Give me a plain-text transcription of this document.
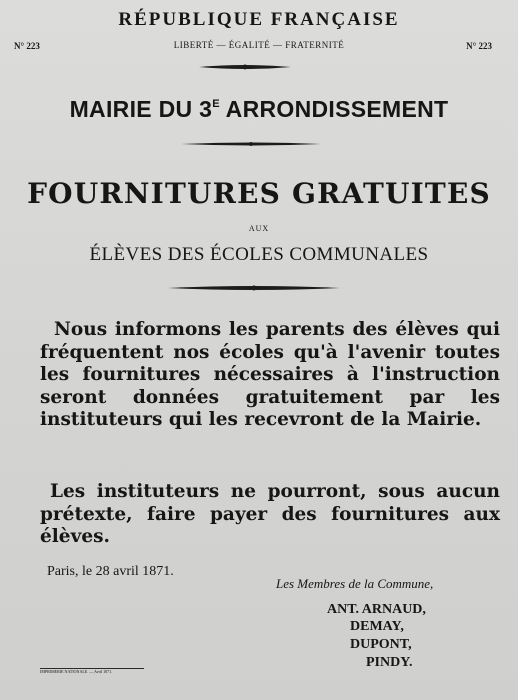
RÉPUBLIQUE FRANÇAISE
N° 223	N° 223
LIBERTÉ — ÉGALITÉ — FRATERNITÉ
MAIRIE DU $3^E$ ARRONDISSEMENT
FOURNITURES GRATUITES
AUX
ÉLÈVES DES ÉCOLES COMMUNALES
Nous informons les parents des élèves qui fréquentent nos écoles qu'à l'avenir toutes les fournitures nécessaires à l'instruction seront données gratuitement par les instituteurs qui les recevront de la Mairie.
Les instituteurs ne pourront, sous aucun prétexte, faire payer des fournitures aux élèves.
Paris, le 28 avril 1871.
Les Membres de la Commune,
ANT. ARNAUD,
DEMAY,
DUPONT,
PINDY.
IMPRIMERIE NATIONALE. — Avril 1871.
